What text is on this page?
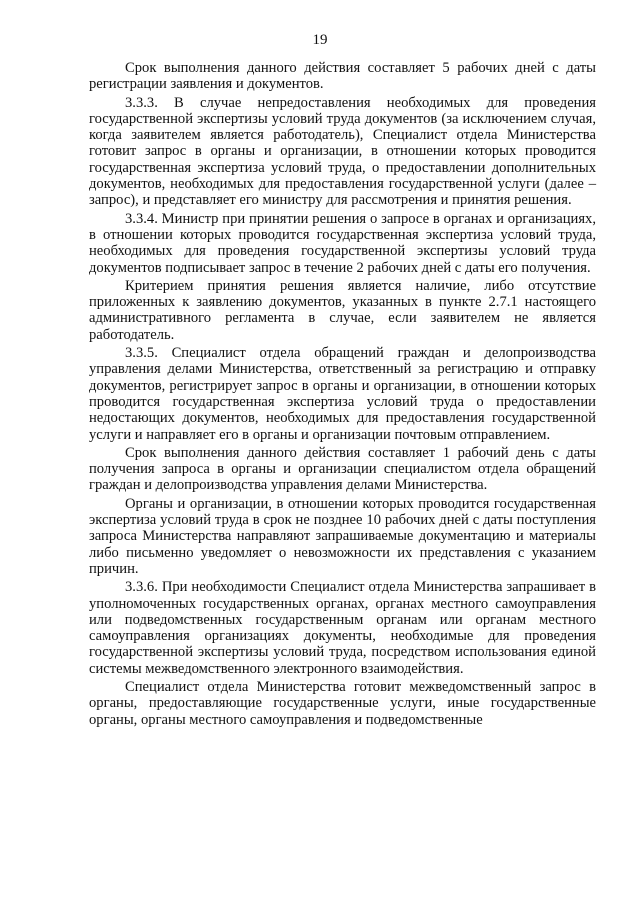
19

Срок выполнения данного действия составляет 5 рабочих дней с даты регистрации заявления и документов.

3.3.3. В случае непредоставления необходимых для проведения государственной экспертизы условий труда документов (за исключением случая, когда заявителем является работодатель), Специалист отдела Министерства готовит запрос в органы и организации, в отношении которых проводится государственная экспертиза условий труда, о предоставлении дополнительных документов, необходимых для предоставления государственной услуги (далее – запрос), и представляет его министру для рассмотрения и принятия решения.

3.3.4. Министр при принятии решения о запросе в органах и организациях, в отношении которых проводится государственная экспертиза условий труда, необходимых для проведения государственной экспертизы условий труда документов подписывает запрос в течение 2 рабочих дней с даты его получения.

Критерием принятия решения является наличие, либо отсутствие приложенных к заявлению документов, указанных в пункте 2.7.1 настоящего административного регламента в случае, если заявителем не является работодатель.

3.3.5. Специалист отдела обращений граждан и делопроизводства управления делами Министерства, ответственный за регистрацию и отправку документов, регистрирует запрос в органы и организации, в отношении которых проводится государственная экспертиза условий труда о предоставлении недостающих документов, необходимых для предоставления государственной услуги и направляет его в органы и организации почтовым отправлением.

Срок выполнения данного действия составляет 1 рабочий день с даты получения запроса в органы и организации специалистом отдела обращений граждан и делопроизводства управления делами Министерства.

Органы и организации, в отношении которых проводится государственная экспертиза условий труда в срок не позднее 10 рабочих дней с даты поступления запроса Министерства направляют запрашиваемые документацию и материалы либо письменно уведомляет о невозможности их представления с указанием причин.

3.3.6. При необходимости Специалист отдела Министерства запрашивает в уполномоченных государственных органах, органах местного самоуправления или подведомственных государственным органам или органам местного самоуправления организациях документы, необходимые для проведения государственной экспертизы условий труда, посредством использования единой системы межведомственного электронного взаимодействия.

Специалист отдела Министерства готовит межведомственный запрос в органы, предоставляющие государственные услуги, иные государственные органы, органы местного самоуправления и подведомственные
